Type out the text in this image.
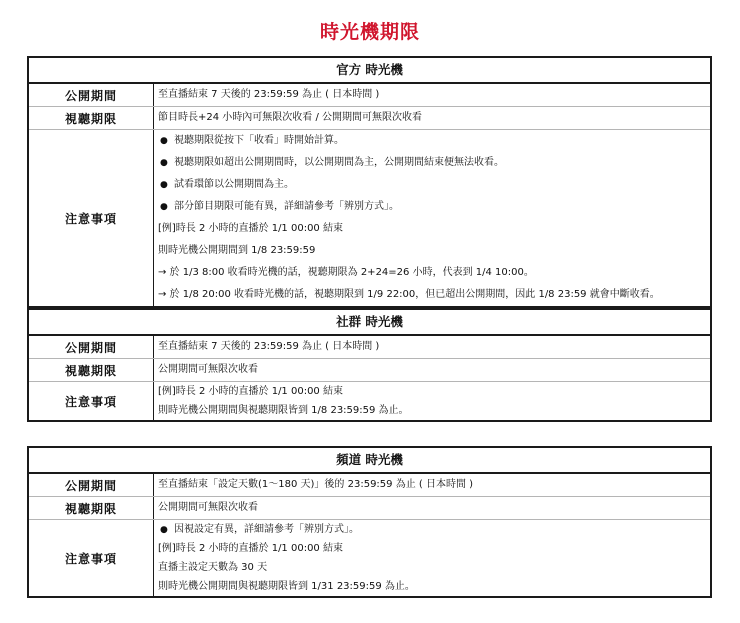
時光機期限
官方 時光機
公開期間	至直播結束 7 天後的 23:59:59 為止 ( 日本時間 )
視聽期限	節目時長+24 小時內可無限次收看 / 公開期間可無限次收看
注意事項
● 視聽期限從按下「收看」時開始計算。
● 視聽期限如超出公開期間時，以公開期間為主，公開期間結束便無法收看。
● 試看環節以公開期間為主。
● 部分節目期限可能有異，詳細請參考「辨別方式」。
[例]時長 2 小時的直播於 1/1 00:00 結束
則時光機公開期間到 1/8 23:59:59
→ 於 1/3 8:00 收看時光機的話，視聽期限為 2+24=26 小時，代表到 1/4 10:00。
→ 於 1/8 20:00 收看時光機的話，視聽期限到 1/9 22:00，但已超出公開期間，因此 1/8 23:59 就會中斷收看。
社群 時光機
公開期間	至直播結束 7 天後的 23:59:59 為止 ( 日本時間 )
視聽期限	公開期間可無限次收看
注意事項
[例]時長 2 小時的直播於 1/1 00:00 結束
則時光機公開期間與視聽期限皆到 1/8 23:59:59 為止。
頻道 時光機
公開期間	至直播結束「設定天數(1～180 天)」後的 23:59:59 為止 ( 日本時間 )
視聽期限	公開期間可無限次收看
注意事項
● 因視設定有異，詳細請參考「辨別方式」。
[例]時長 2 小時的直播於 1/1 00:00 結束
直播主設定天數為 30 天
則時光機公開期間與視聽期限皆到 1/31 23:59:59 為止。
